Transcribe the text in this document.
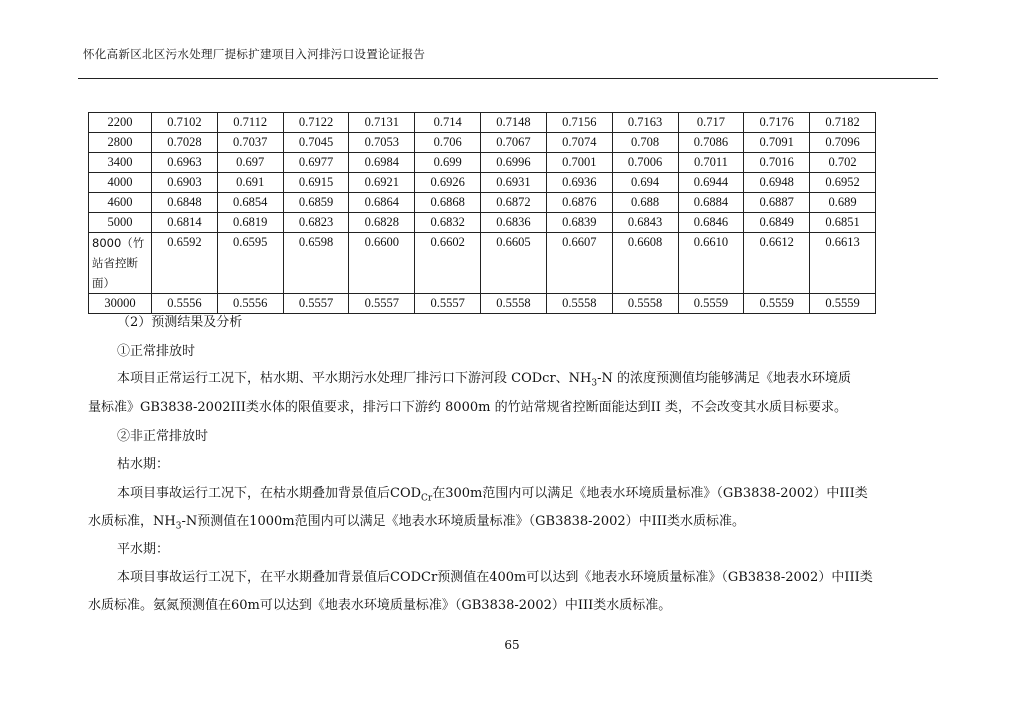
怀化高新区北区污水处理厂提标扩建项目入河排污口设置论证报告
2200	0.7102	0.7112	0.7122	0.7131	0.714	0.7148	0.7156	0.7163	0.717	0.7176	0.7182
2800	0.7028	0.7037	0.7045	0.7053	0.706	0.7067	0.7074	0.708	0.7086	0.7091	0.7096
3400	0.6963	0.697	0.6977	0.6984	0.699	0.6996	0.7001	0.7006	0.7011	0.7016	0.702
4000	0.6903	0.691	0.6915	0.6921	0.6926	0.6931	0.6936	0.694	0.6944	0.6948	0.6952
4600	0.6848	0.6854	0.6859	0.6864	0.6868	0.6872	0.6876	0.688	0.6884	0.6887	0.689
5000	0.6814	0.6819	0.6823	0.6828	0.6832	0.6836	0.6839	0.6843	0.6846	0.6849	0.6851
8000（竹站省控断面）	0.6592	0.6595	0.6598	0.6600	0.6602	0.6605	0.6607	0.6608	0.6610	0.6612	0.6613
30000	0.5556	0.5556	0.5557	0.5557	0.5557	0.5558	0.5558	0.5558	0.5559	0.5559	0.5559
（2）预测结果及分析
①正常排放时
本项目正常运行工况下，枯水期、平水期污水处理厂排污口下游河段 CODcr、$NH_3-N$ 的浓度预测值均能够满足《地表水环境质
量标准》GB3838-2002III类水体的限值要求，排污口下游约 8000m 的竹站常规省控断面能达到II 类，不会改变其水质目标要求。
②非正常排放时
枯水期：
本项目事故运行工况下，在枯水期叠加背景值后$COD_{Cr}$在300m范围内可以满足《地表水环境质量标准》（GB3838-2002）中III类
水质标准，$NH_3-N$预测值在1000m范围内可以满足《地表水环境质量标准》（GB3838-2002）中III类水质标准。
平水期：
本项目事故运行工况下，在平水期叠加背景值后CODCr预测值在400m可以达到《地表水环境质量标准》（GB3838-2002）中III类
水质标准。氨氮预测值在60m可以达到《地表水环境质量标准》（GB3838-2002）中III类水质标准。
65
